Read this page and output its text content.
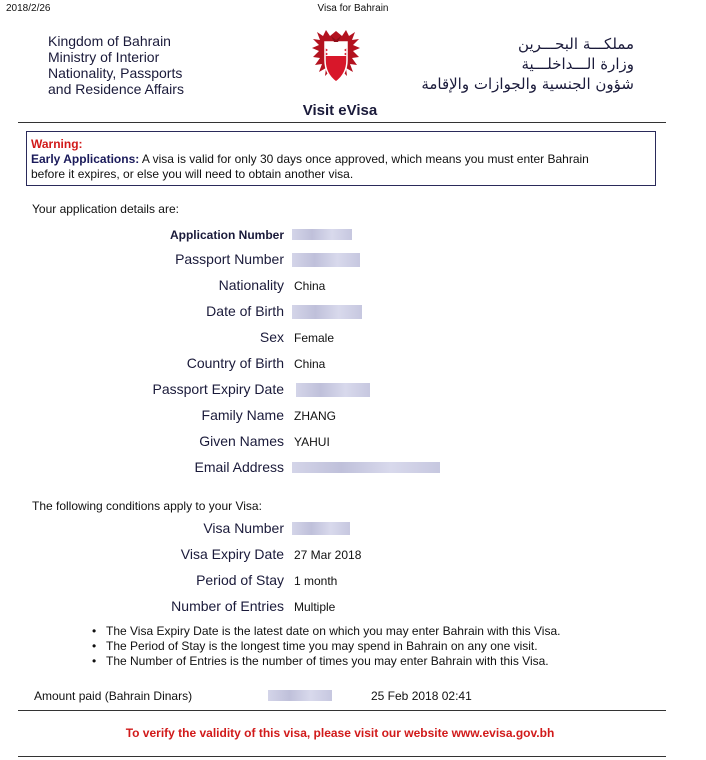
2018/2/26	Visa for Bahrain
Kingdom of Bahrain
Ministry of Interior
Nationality, Passports
and Residence Affairs
مملكـــة البحـــرين
وزارة الـــداخلـــية
شؤون الجنسية والجوازات والإقامة
Visit eVisa
Warning:
Early Applications: A visa is valid for only 30 days once approved, which means you must enter Bahrain
before it expires, or else you will need to obtain another visa.
Your application details are:
Application Number
Passport Number
Nationality China
Date of Birth
Sex Female
Country of Birth China
Passport Expiry Date
Family Name ZHANG
Given Names YAHUI
Email Address
The following conditions apply to your Visa:
Visa Number
Visa Expiry Date 27 Mar 2018
Period of Stay 1 month
Number of Entries Multiple
• The Visa Expiry Date is the latest date on which you may enter Bahrain with this Visa.
• The Period of Stay is the longest time you may spend in Bahrain on any one visit.
• The Number of Entries is the number of times you may enter Bahrain with this Visa.
Amount paid (Bahrain Dinars)	25 Feb 2018 02:41
To verify the validity of this visa, please visit our website www.evisa.gov.bh
